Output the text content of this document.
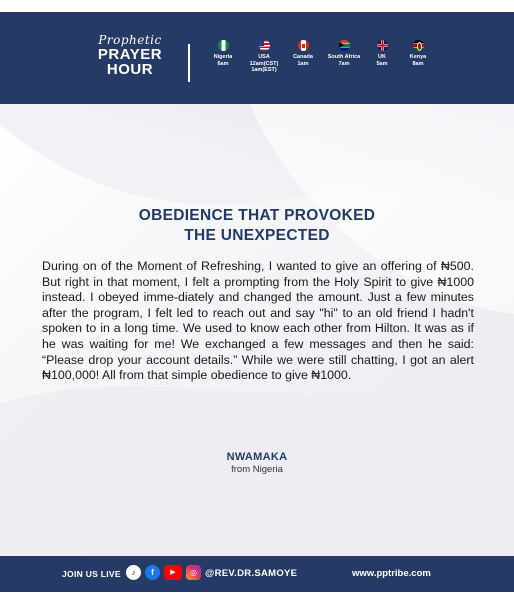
Prophetic
PRAYER
HOUR
Nigeria
6am
USA
12am(CST)
1am(EST)
Canada
1am
South Africa
7am
UK
5am
Kenya
8am
OBEDIENCE THAT PROVOKED
THE UNEXPECTED

During on of the Moment of Refreshing, I wanted to give an offering of ₦500. But right in that moment, I felt a prompting from the Holy Spirit to give ₦1000 instead. I obeyed imme-diately and changed the amount. Just a few minutes after the program, I felt led to reach out and say "hi" to an old friend I hadn't spoken to in a long time. We used to know each other from Hilton. It was as if he was waiting for me! We exchanged a few messages and then he said: “Please drop your account details.” While we were still chatting, I got an alert ₦100,000! All from that simple obedience to give ₦1000.

NWAMAKA
from Nigeria
JOIN US LIVE	♪	f	▶	◎ @REV.DR.SAMOYE	www.pptribe.com
